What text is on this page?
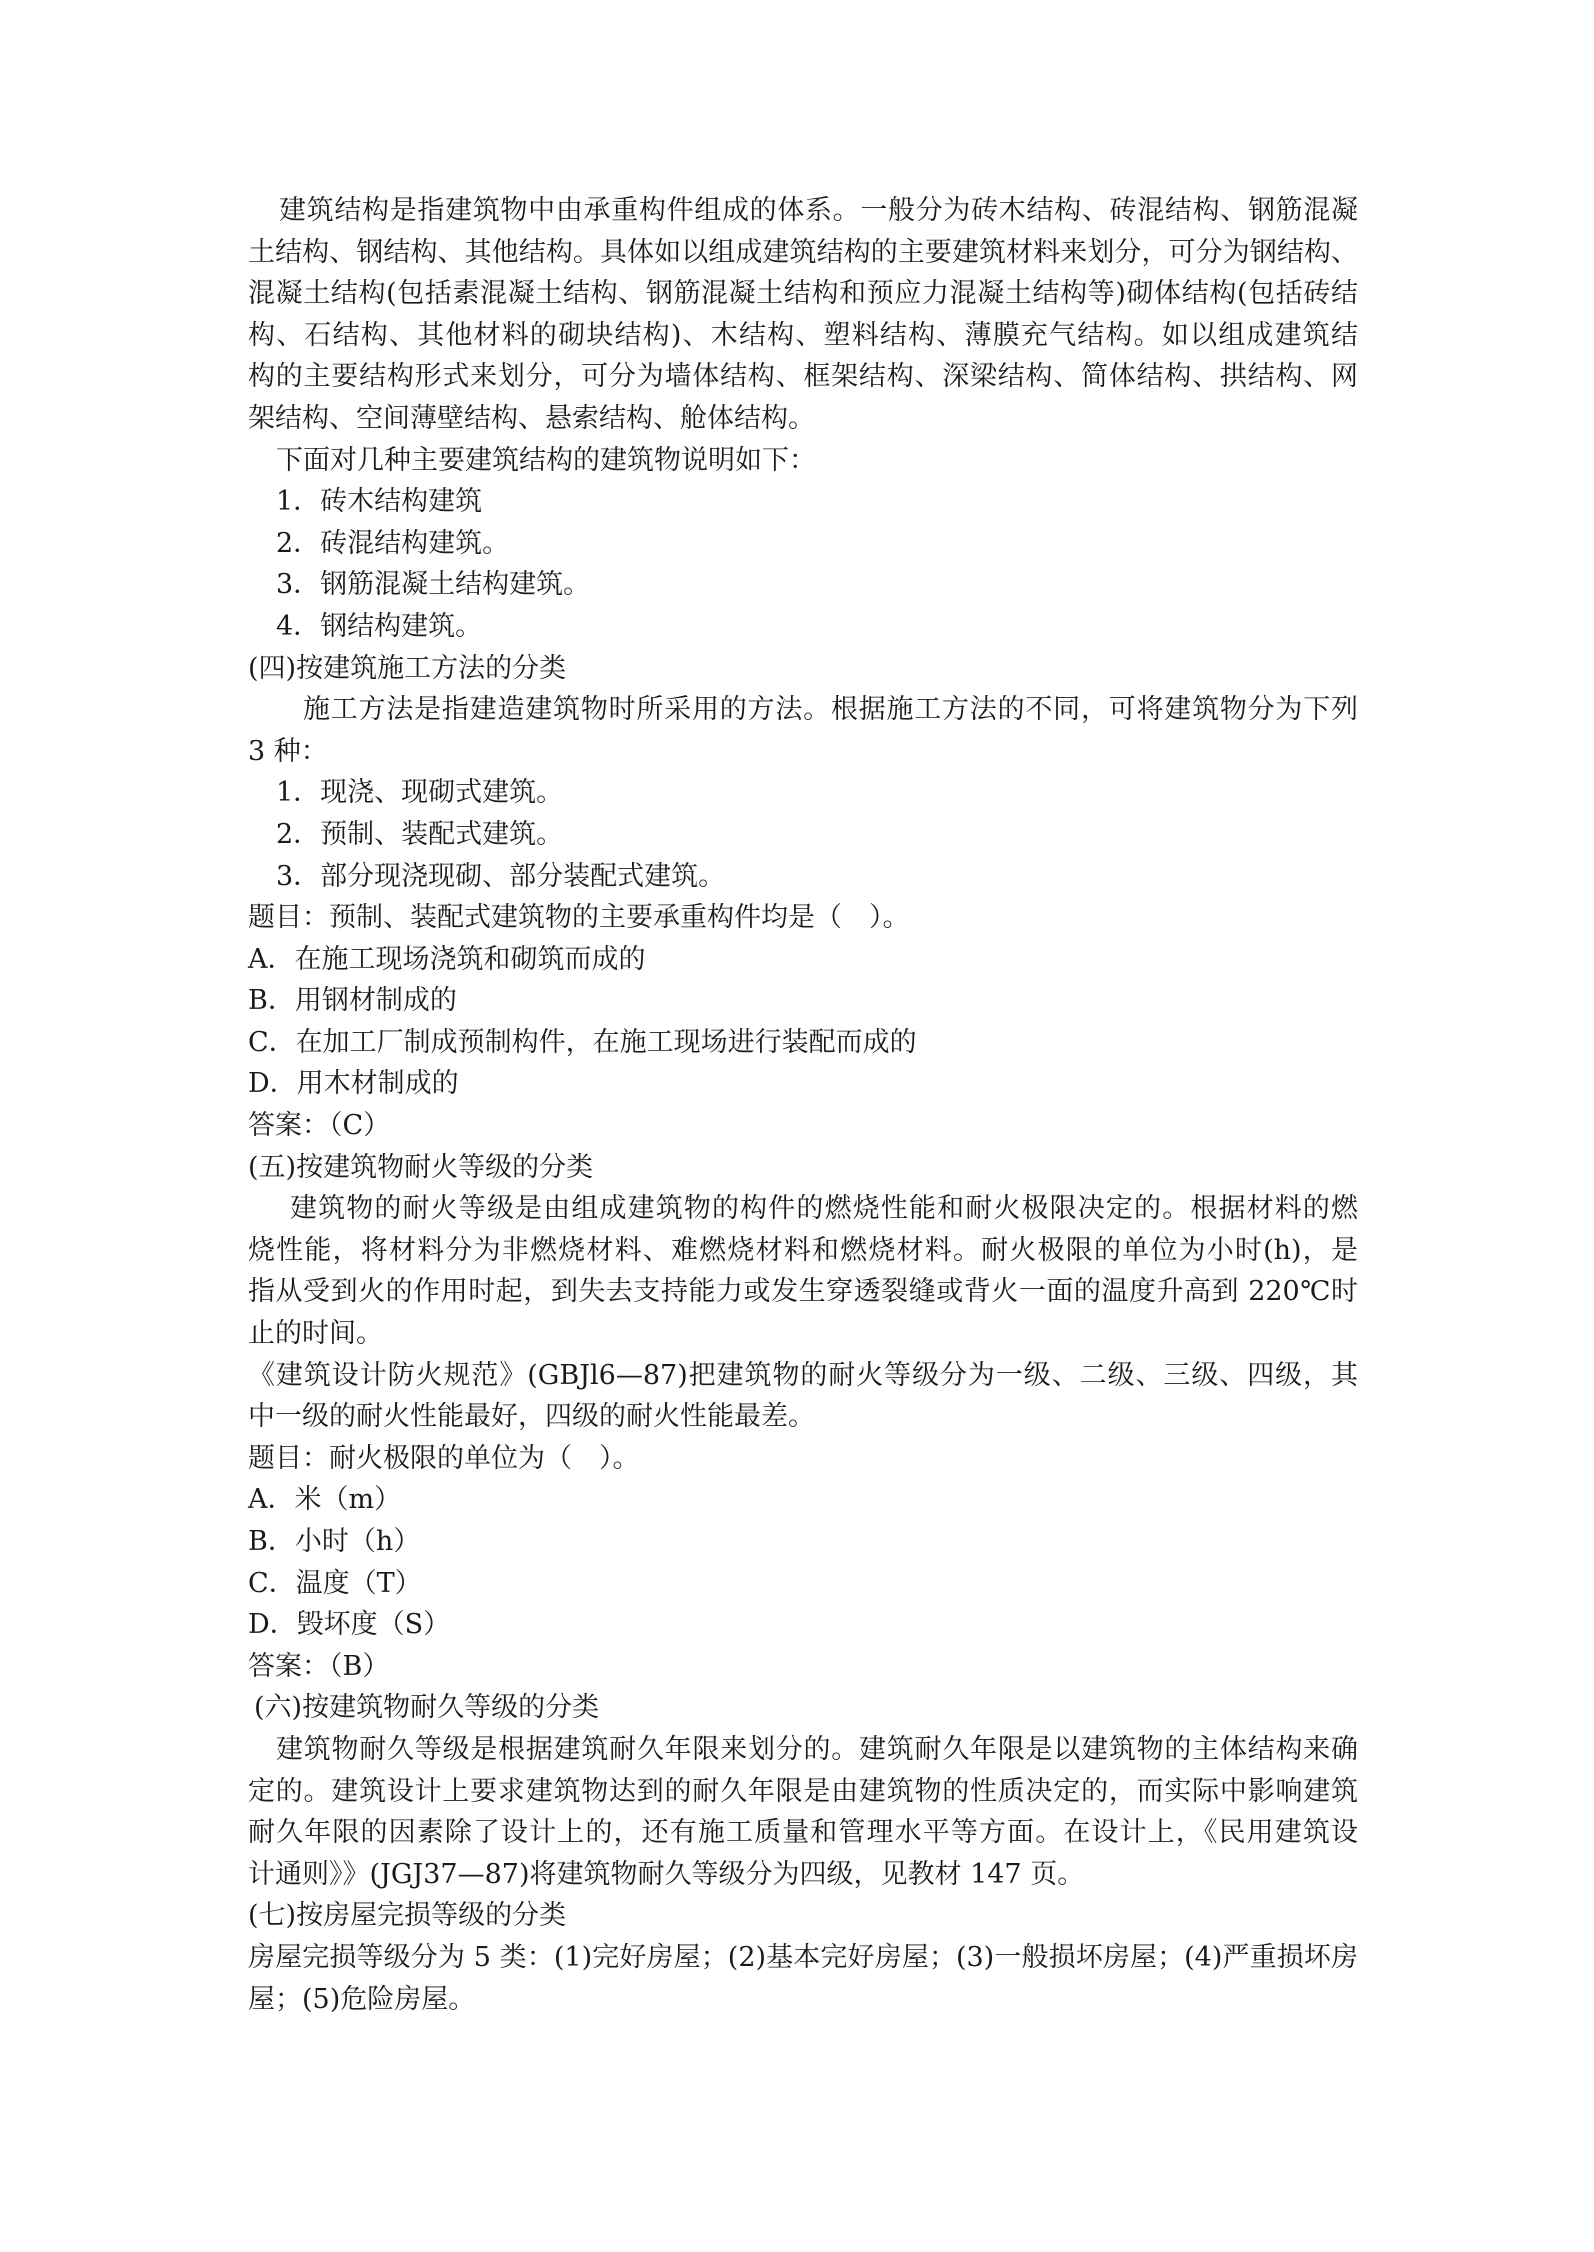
建筑结构是指建筑物中由承重构件组成的体系。一般分为砖木结构、砖混结构、钢筋混凝

土结构、钢结构、其他结构。具体如以组成建筑结构的主要建筑材料来划分，可分为钢结构、

混凝土结构(包括素混凝土结构、钢筋混凝土结构和预应力混凝土结构等)砌体结构(包括砖结

构、石结构、其他材料的砌块结构)、木结构、塑料结构、薄膜充气结构。如以组成建筑结

构的主要结构形式来划分，可分为墙体结构、框架结构、深梁结构、简体结构、拱结构、网

架结构、空间薄壁结构、悬索结构、舱体结构。

下面对几种主要建筑结构的建筑物说明如下：

1．砖木结构建筑

2．砖混结构建筑。

3．钢筋混凝土结构建筑。

4．钢结构建筑。

(四)按建筑施工方法的分类

施工方法是指建造建筑物时所采用的方法。根据施工方法的不同，可将建筑物分为下列

3 种：

1．现浇、现砌式建筑。

2．预制、装配式建筑。

3．部分现浇现砌、部分装配式建筑。

题目：预制、装配式建筑物的主要承重构件均是（　）。

A．在施工现场浇筑和砌筑而成的

B．用钢材制成的

C．在加工厂制成预制构件，在施工现场进行装配而成的

D．用木材制成的

答案：（C）

(五)按建筑物耐火等级的分类

建筑物的耐火等级是由组成建筑物的构件的燃烧性能和耐火极限决定的。根据材料的燃

烧性能，将材料分为非燃烧材料、难燃烧材料和燃烧材料。耐火极限的单位为小时(h)，是

指从受到火的作用时起，到失去支持能力或发生穿透裂缝或背火一面的温度升高到 220℃时

止的时间。

《建筑设计防火规范》(GBJl6—87)把建筑物的耐火等级分为一级、二级、三级、四级，其

中一级的耐火性能最好，四级的耐火性能最差。

题目：耐火极限的单位为（　）。

A．米（m）

B．小时（h）

C．温度（T）

D．毁坏度（S）

答案：（B）

(六)按建筑物耐久等级的分类

建筑物耐久等级是根据建筑耐久年限来划分的。建筑耐久年限是以建筑物的主体结构来确

定的。建筑设计上要求建筑物达到的耐久年限是由建筑物的性质决定的，而实际中影响建筑

耐久年限的因素除了设计上的，还有施工质量和管理水平等方面。在设计上，《民用建筑设

计通则》》(JGJ37—87)将建筑物耐久等级分为四级，见教材 147 页。

(七)按房屋完损等级的分类

房屋完损等级分为 5 类：(1)完好房屋；(2)基本完好房屋；(3)一般损坏房屋；(4)严重损坏房

屋；(5)危险房屋。
